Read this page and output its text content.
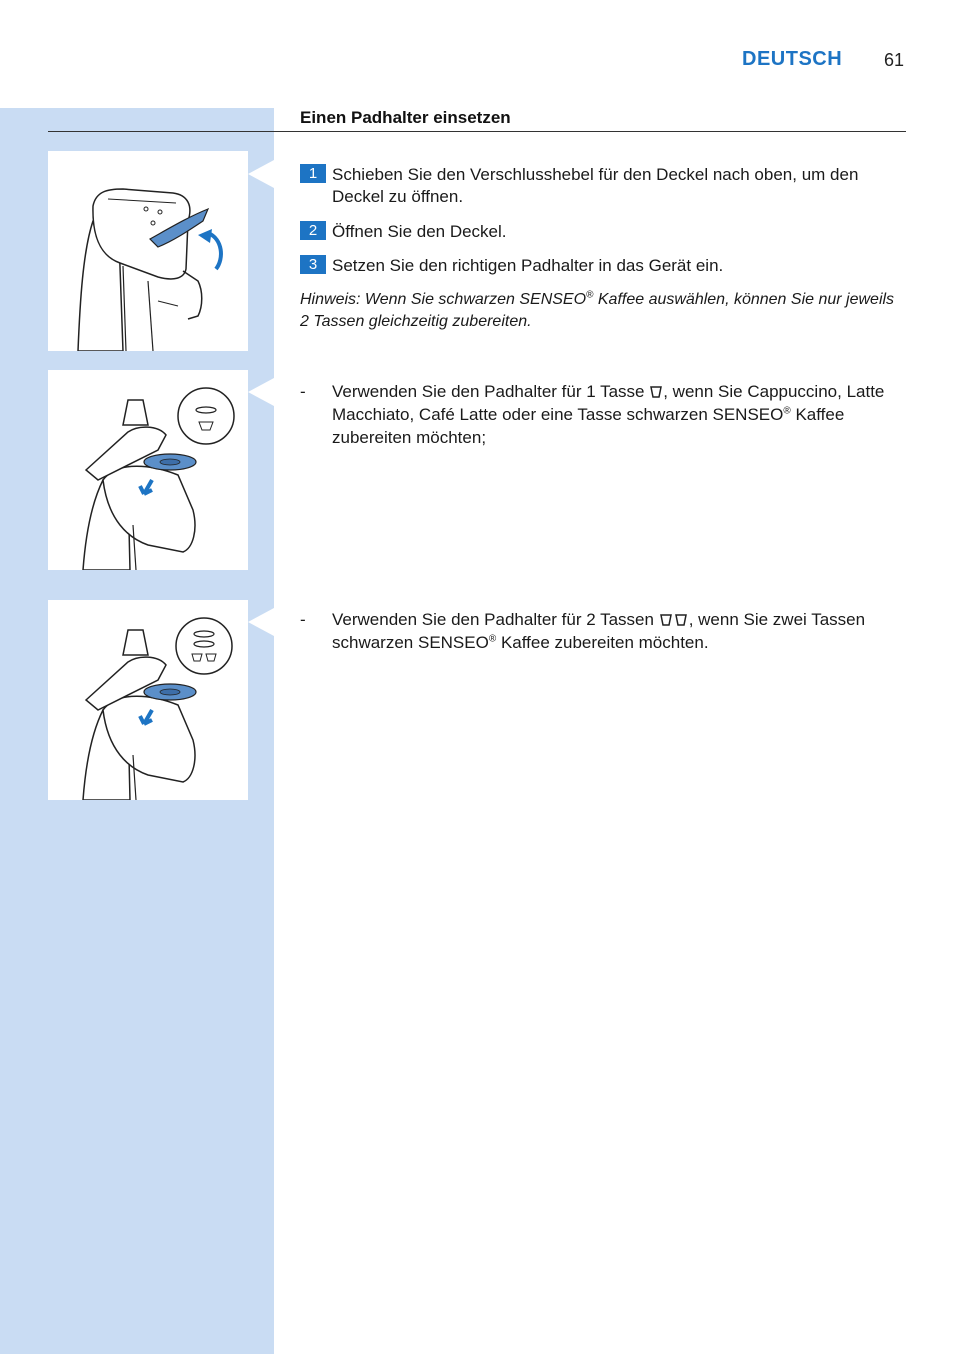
DEUTSCH 61
Einen Padhalter einsetzen
1 Schieben Sie den Verschlusshebel für den Deckel nach oben, um den Deckel zu öffnen.
2 Öffnen Sie den Deckel.
3 Setzen Sie den richtigen Padhalter in das Gerät ein.
Hinweis: Wenn Sie schwarzen SENSEO® Kaffee auswählen, können Sie nur jeweils 2 Tassen gleichzeitig zubereiten.
-	Verwenden Sie den Padhalter für 1 Tasse , wenn Sie Cappuccino, Latte Macchiato, Café Latte oder eine Tasse schwarzen SENSEO® Kaffee zubereiten möchten;
-	Verwenden Sie den Padhalter für 2 Tassen , wenn Sie zwei Tassen schwarzen SENSEO® Kaffee zubereiten möchten.
